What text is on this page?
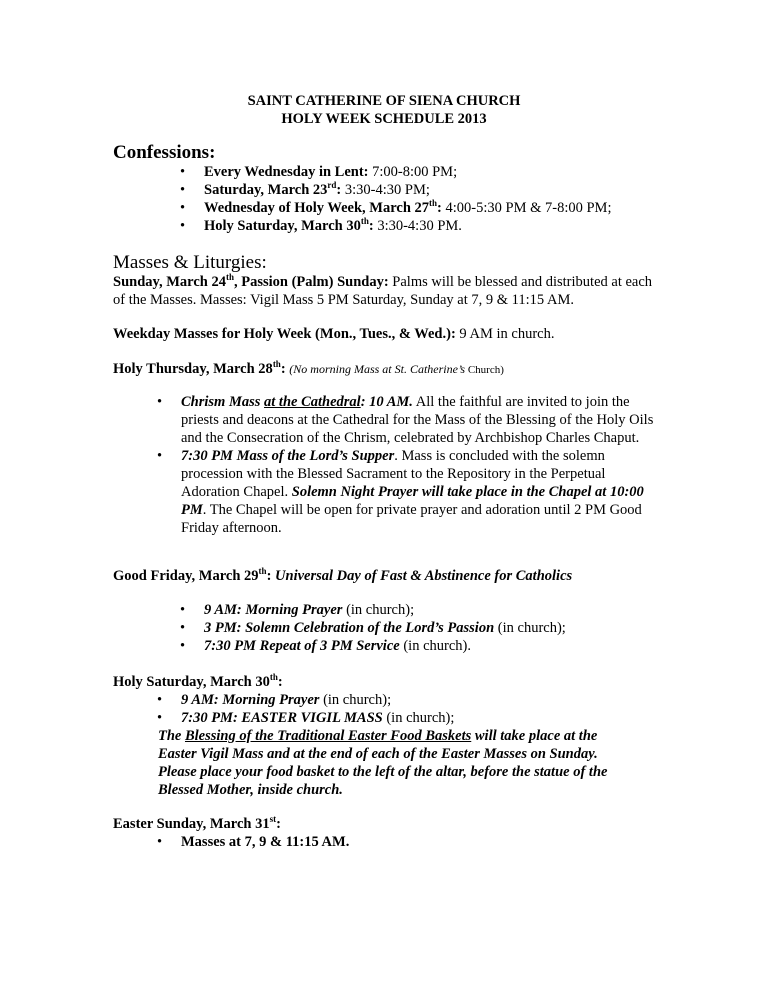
SAINT CATHERINE OF SIENA CHURCH
HOLY WEEK SCHEDULE 2013
Confessions:
• Every Wednesday in Lent: 7:00-8:00 PM;
• Saturday, March 23rd: 3:30-4:30 PM;
• Wednesday of Holy Week, March 27th: 4:00-5:30 PM & 7-8:00 PM;
• Holy Saturday, March 30th: 3:30-4:30 PM.
Masses & Liturgies:
Sunday, March 24th, Passion (Palm) Sunday: Palms will be blessed and distributed at each of the Masses. Masses: Vigil Mass 5 PM Saturday, Sunday at 7, 9 & 11:15 AM.
Weekday Masses for Holy Week (Mon., Tues., & Wed.): 9 AM in church.
Holy Thursday, March 28th: (No morning Mass at St. Catherine’s Church)
• Chrism Mass at the Cathedral: 10 AM. All the faithful are invited to join the priests and deacons at the Cathedral for the Mass of the Blessing of the Holy Oils and the Consecration of the Chrism, celebrated by Archbishop Charles Chaput.
• 7:30 PM Mass of the Lord’s Supper. Mass is concluded with the solemn procession with the Blessed Sacrament to the Repository in the Perpetual Adoration Chapel. Solemn Night Prayer will take place in the Chapel at 10:00 PM. The Chapel will be open for private prayer and adoration until 2 PM Good Friday afternoon.
Good Friday, March 29th: Universal Day of Fast & Abstinence for Catholics
• 9 AM: Morning Prayer (in church);
• 3 PM: Solemn Celebration of the Lord’s Passion (in church);
• 7:30 PM Repeat of 3 PM Service (in church).
Holy Saturday, March 30th:
• 9 AM: Morning Prayer (in church);
• 7:30 PM: EASTER VIGIL MASS (in church);
The Blessing of the Traditional Easter Food Baskets will take place at the Easter Vigil Mass and at the end of each of the Easter Masses on Sunday. Please place your food basket to the left of the altar, before the statue of the Blessed Mother, inside church.
Easter Sunday, March 31st:
• Masses at 7, 9 & 11:15 AM.
